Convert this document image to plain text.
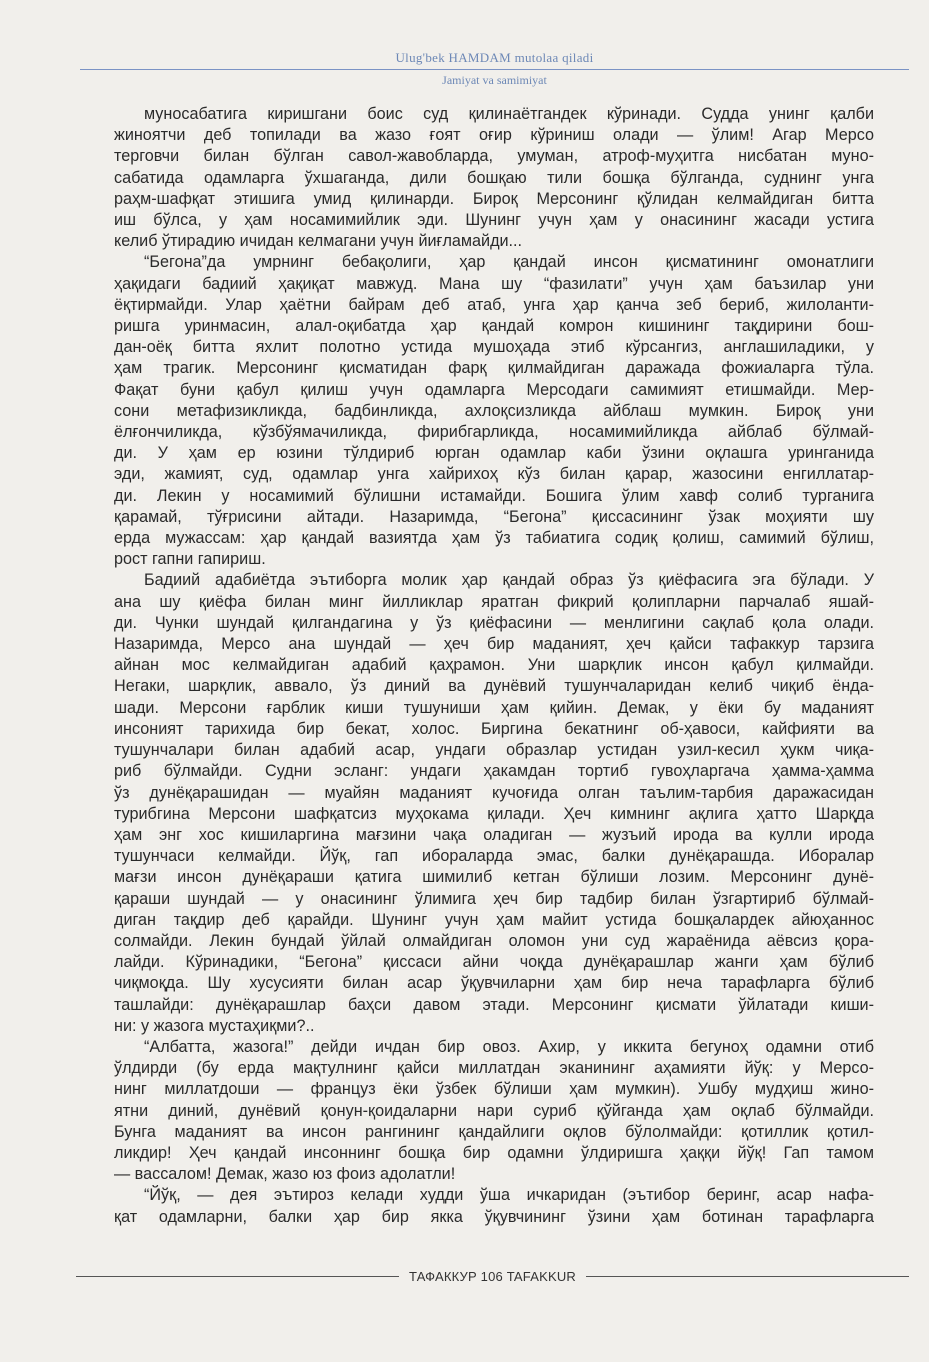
Ulug'bek HAMDAM mutolaa qiladi
Jamiyat va samimiyat

муносабатига киришгани боис суд қилинаётгандек кўринади. Судда унинг қалби
жиноятчи деб топилади ва жазо ғоят оғир кўриниш олади — ўлим! Агар Мерсо
терговчи билан бўлган савол-жавобларда, умуман, атроф-муҳитга нисбатан муно-
сабатида одамларга ўхшаганда, дили бошқаю тили бошқа бўлганда, суднинг унга
раҳм-шафқат этишига умид қилинарди. Бироқ Мерсонинг қўлидан келмайдиган битта
иш бўлса, у ҳам носамимийлик эди. Шунинг учун ҳам у онасининг жасади устига
келиб ўтирадию ичидан келмагани учун йиғламайди...

“Бегона”да умрнинг бебақолиги, ҳар қандай инсон қисматининг омонатлиги
ҳақидаги бадиий ҳақиқат мавжуд. Мана шу “фазилати” учун ҳам баъзилар уни
ёқтирмайди. Улар ҳаётни байрам деб атаб, унга ҳар қанча зеб бериб, жилоланти-
ришга уринмасин, алал-оқибатда ҳар қандай комрон кишининг тақдирини бош-
дан-оёқ битта яхлит полотно устида мушоҳада этиб кўрсангиз, англашиладики, у
ҳам трагик. Мерсонинг қисматидан фарқ қилмайдиган даражада фожиаларга тўла.
Фақат буни қабул қилиш учун одамларга Мерсодаги самимият етишмайди. Мер-
сони метафизикликда, бадбинликда, ахлоқсизликда айблаш мумкин. Бироқ уни
ёлғончиликда, кўзбўямачиликда, фирибгарликда, носамимийликда айблаб бўлмай-
ди. У ҳам ер юзини тўлдириб юрган одамлар каби ўзини оқлашга уринганида
эди, жамият, суд, одамлар унга хайрихоҳ кўз билан қарар, жазосини енгиллатар-
ди. Лекин у носамимий бўлишни истамайди. Бошига ўлим хавф солиб турганига
қарамай, тўғрисини айтади. Назаримда, “Бегона” қиссасининг ўзак моҳияти шу
ерда мужассам: ҳар қандай вазиятда ҳам ўз табиатига содиқ қолиш, самимий бўлиш,
рост гапни гапириш.

Бадиий адабиётда эътиборга молик ҳар қандай образ ўз қиёфасига эга бўлади. У
ана шу қиёфа билан минг йилликлар яратган фикрий қолипларни парчалаб яшай-
ди. Чунки шундай қилгандагина у ўз қиёфасини — менлигини сақлаб қола олади.
Назаримда, Мерсо ана шундай — ҳеч бир маданият, ҳеч қайси тафаккур тарзига
айнан мос келмайдиган адабий қаҳрамон. Уни шарқлик инсон қабул қилмайди.
Негаки, шарқлик, аввало, ўз диний ва дунёвий тушунчаларидан келиб чиқиб ёнда-
шади. Мерсони ғарблик киши тушуниши ҳам қийин. Демак, у ёки бу маданият
инсоният тарихида бир бекат, холос. Биргина бекатнинг об-ҳавоси, кайфияти ва
тушунчалари билан адабий асар, ундаги образлар устидан узил-кесил ҳукм чиқа-
риб бўлмайди. Судни эсланг: ундаги ҳакамдан тортиб гувоҳларгача ҳамма-ҳамма
ўз дунёқарашидан — муайян маданият кучоғида олган таълим-тарбия даражасидан
турибгина Мерсони шафқатсиз муҳокама қилади. Ҳеч кимнинг ақлига ҳатто Шарқда
ҳам энг хос кишиларгина мағзини чақа оладиган — жузъий ирода ва кулли ирода
тушунчаси келмайди. Йўқ, гап ибораларда эмас, балки дунёқарашда. Иборалар
мағзи инсон дунёқараши қатига шимилиб кетган бўлиши лозим. Мерсонинг дунё-
қараши шундай — у онасининг ўлимига ҳеч бир тадбир билан ўзгартириб бўлмай-
диган тақдир деб қарайди. Шунинг учун ҳам майит устида бошқалардек айюҳаннос
солмайди. Лекин бундай ўйлай олмайдиган оломон уни суд жараёнида аёвсиз қора-
лайди. Кўринадики, “Бегона” қиссаси айни чоқда дунёқарашлар жанги ҳам бўлиб
чиқмоқда. Шу хусусияти билан асар ўқувчиларни ҳам бир неча тарафларга бўлиб
ташлайди: дунёқарашлар баҳси давом этади. Мерсонинг қисмати ўйлатади киши-
ни: у жазога мустаҳиқми?..

“Албатта, жазога!” дейди ичдан бир овоз. Ахир, у иккита бегуноҳ одамни отиб
ўлдирди (бу ерда мақтулнинг қайси миллатдан эканининг аҳамияти йўқ: у Мерсо-
нинг миллатдоши — француз ёки ўзбек бўлиши ҳам мумкин). Ушбу мудҳиш жино-
ятни диний, дунёвий қонун-қоидаларни нари суриб қўйганда ҳам оқлаб бўлмайди.
Бунга маданият ва инсон рангининг қандайлиги оқлов бўлолмайди: қотиллик қотил-
ликдир! Ҳеч қандай инсоннинг бошқа бир одамни ўлдиришга ҳаққи йўқ! Гап тамом
— вассалом! Демак, жазо юз фоиз адолатли!

“Йўқ, — дея эътироз келади худди ўша ичкаридан (эътибор беринг, асар нафа-
қат одамларни, балки ҳар бир якка ўқувчининг ўзини ҳам ботинан тарафларга

ТАФАККУР 106 TAFAKKUR
